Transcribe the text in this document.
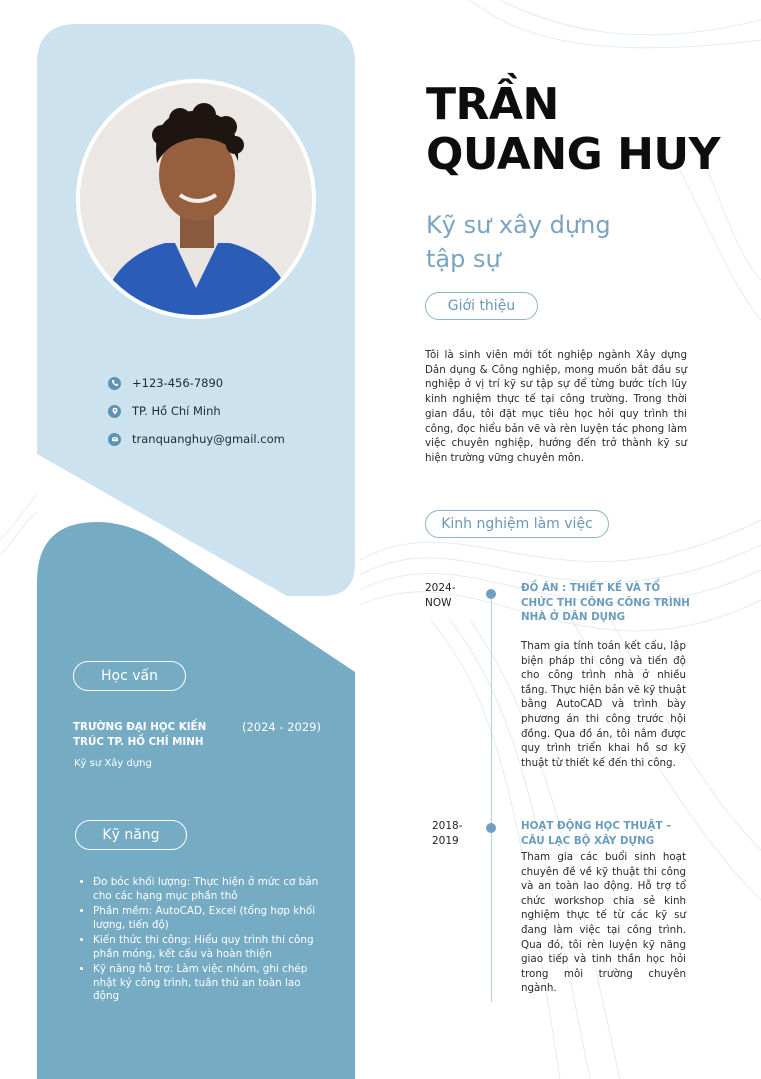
+123-456-7890
TP. Hồ Chí Minh
tranquanghuy@gmail.com
TRẦN
QUANG HUY
Kỹ sư xây dựng
tập sự
Giới thiệu
Tôi là sinh viên mới tốt nghiệp ngành Xây dựng Dân dụng & Công nghiệp, mong muốn bắt đầu sự nghiệp ở vị trí kỹ sư tập sự để từng bước tích lũy kinh nghiệm thực tế tại công trường. Trong thời gian đầu, tôi đặt mục tiêu học hỏi quy trình thi công, đọc hiểu bản vẽ và rèn luyện tác phong làm việc chuyên nghiệp, hướng đến trở thành kỹ sư hiện trường vững chuyên môn.
Kinh nghiệm làm việc
2024-
NOW
ĐỒ ÁN : THIẾT KẾ VÀ TỔ CHỨC THI CÔNG CÔNG TRÌNH NHÀ Ở DÂN DỤNG
Tham gia tính toán kết cấu, lập biện pháp thi công và tiến độ cho công trình nhà ở nhiều tầng. Thực hiện bản vẽ kỹ thuật bằng AutoCAD và trình bày phương án thi công trước hội đồng. Qua đồ án, tôi nắm được quy trình triển khai hồ sơ kỹ thuật từ thiết kế đến thi công.
2018-
2019
HOẠT ĐỘNG HỌC THUẬT – CÂU LẠC BỘ XÂY DỰNG
Tham gia các buổi sinh hoạt chuyên đề về kỹ thuật thi công và an toàn lao động. Hỗ trợ tổ chức workshop chia sẻ kinh nghiệm thực tế từ các kỹ sư đang làm việc tại công trình. Qua đó, tôi rèn luyện kỹ năng giao tiếp và tinh thần học hỏi trong môi trường chuyên ngành.
Học vấn
TRƯỜNG ĐẠI HỌC KIẾN TRÚC TP. HỒ CHÍ MINH
(2024 - 2029)
Kỹ sư Xây dựng
Kỹ năng
• Đo bóc khối lượng: Thực hiện ở mức cơ bản cho các hạng mục phần thô
• Phần mềm: AutoCAD, Excel (tổng hợp khối lượng, tiến độ)
• Kiến thức thi công: Hiểu quy trình thi công phần móng, kết cấu và hoàn thiện
• Kỹ năng hỗ trợ: Làm việc nhóm, ghi chép nhật ký công trình, tuân thủ an toàn lao động
